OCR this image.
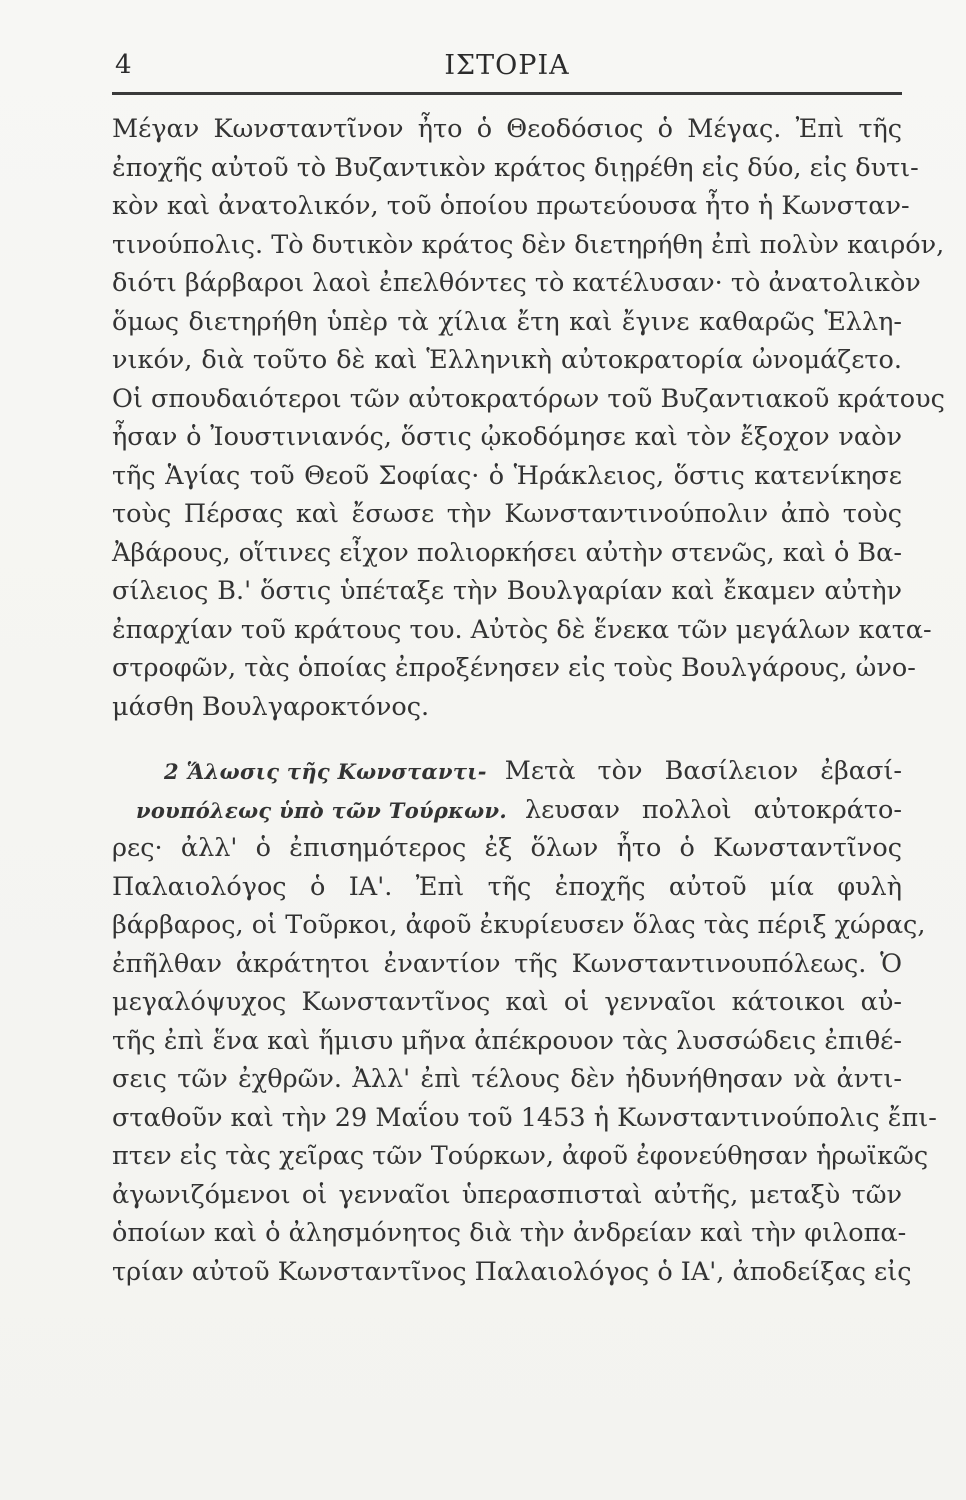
4	ΙΣΤΟΡΙΑ
Μέγαν Κωνσταντῖνον ἦτο ὁ Θεοδόσιος ὁ Μέγας. Ἐπὶ τῆς
ἐποχῆς αὐτοῦ τὸ Βυζαντικὸν κράτος διῃρέθη εἰς δύο, εἰς δυτι-
κὸν καὶ ἀνατολικόν, τοῦ ὁποίου πρωτεύουσα ἦτο ἡ Κωνσταν-
τινούπολις. Τὸ δυτικὸν κράτος δὲν διετηρήθη ἐπὶ πολὺν καιρόν,
διότι βάρβαροι λαοὶ ἐπελθόντες τὸ κατέλυσαν· τὸ ἀνατολικὸν
ὅμως διετηρήθη ὑπὲρ τὰ χίλια ἔτη καὶ ἔγινε καθαρῶς Ἑλλη-
νικόν, διὰ τοῦτο δὲ καὶ Ἑλληνικὴ αὐτοκρατορία ὠνομάζετο.
Οἱ σπουδαιότεροι τῶν αὐτοκρατόρων τοῦ Βυζαντιακοῦ κράτους
ἦσαν ὁ Ἰουστινιανός, ὅστις ᾠκοδόμησε καὶ τὸν ἔξοχον ναὸν
τῆς Ἁγίας τοῦ Θεοῦ Σοφίας· ὁ Ἡράκλειος, ὅστις κατενίκησε
τοὺς Πέρσας καὶ ἔσωσε τὴν Κωνσταντινούπολιν ἀπὸ τοὺς
Ἀβάρους, οἵτινες εἶχον πολιορκήσει αὐτὴν στενῶς, καὶ ὁ Βα-
σίλειος Β.' ὅστις ὑπέταξε τὴν Βουλγαρίαν καὶ ἔκαμεν αὐτὴν
ἐπαρχίαν τοῦ κράτους του. Αὐτὸς δὲ ἕνεκα τῶν μεγάλων κατα-
στροφῶν, τὰς ὁποίας ἐπροξένησεν εἰς τοὺς Βουλγάρους, ὠνο-
μάσθη Βουλγαροκτόνος.
2 Ἅλωσις τῆς Κωνσταντι- Μετὰ τὸν Βασίλειον ἐβασί-
νουπόλεως ὑπὸ τῶν Τούρκων. λευσαν πολλοὶ αὐτοκράτο-
ρες· ἀλλ' ὁ ἐπισημότερος ἐξ ὅλων ἦτο ὁ Κωνσταντῖνος
Παλαιολόγος ὁ ΙΑ'. Ἐπὶ τῆς ἐποχῆς αὐτοῦ μία φυλὴ
βάρβαρος, οἱ Τοῦρκοι, ἀφοῦ ἐκυρίευσεν ὅλας τὰς πέριξ χώρας,
ἐπῆλθαν ἀκράτητοι ἐναντίον τῆς Κωνσταντινουπόλεως. Ὁ
μεγαλόψυχος Κωνσταντῖνος καὶ οἱ γενναῖοι κάτοικοι αὐ-
τῆς ἐπὶ ἕνα καὶ ἥμισυ μῆνα ἀπέκρουον τὰς λυσσώδεις ἐπιθέ-
σεις τῶν ἐχθρῶν. Ἀλλ' ἐπὶ τέλους δὲν ἠδυνήθησαν νὰ ἀντι-
σταθοῦν καὶ τὴν 29 Μαΐου τοῦ 1453 ἡ Κωνσταντινούπολις ἔπι-
πτεν εἰς τὰς χεῖρας τῶν Τούρκων, ἀφοῦ ἐφονεύθησαν ἡρωϊκῶς
ἀγωνιζόμενοι οἱ γενναῖοι ὑπερασπισταὶ αὐτῆς, μεταξὺ τῶν
ὁποίων καὶ ὁ ἀλησμόνητος διὰ τὴν ἀνδρείαν καὶ τὴν φιλοπα-
τρίαν αὐτοῦ Κωνσταντῖνος Παλαιολόγος ὁ ΙΑ', ἀποδείξας εἰς
